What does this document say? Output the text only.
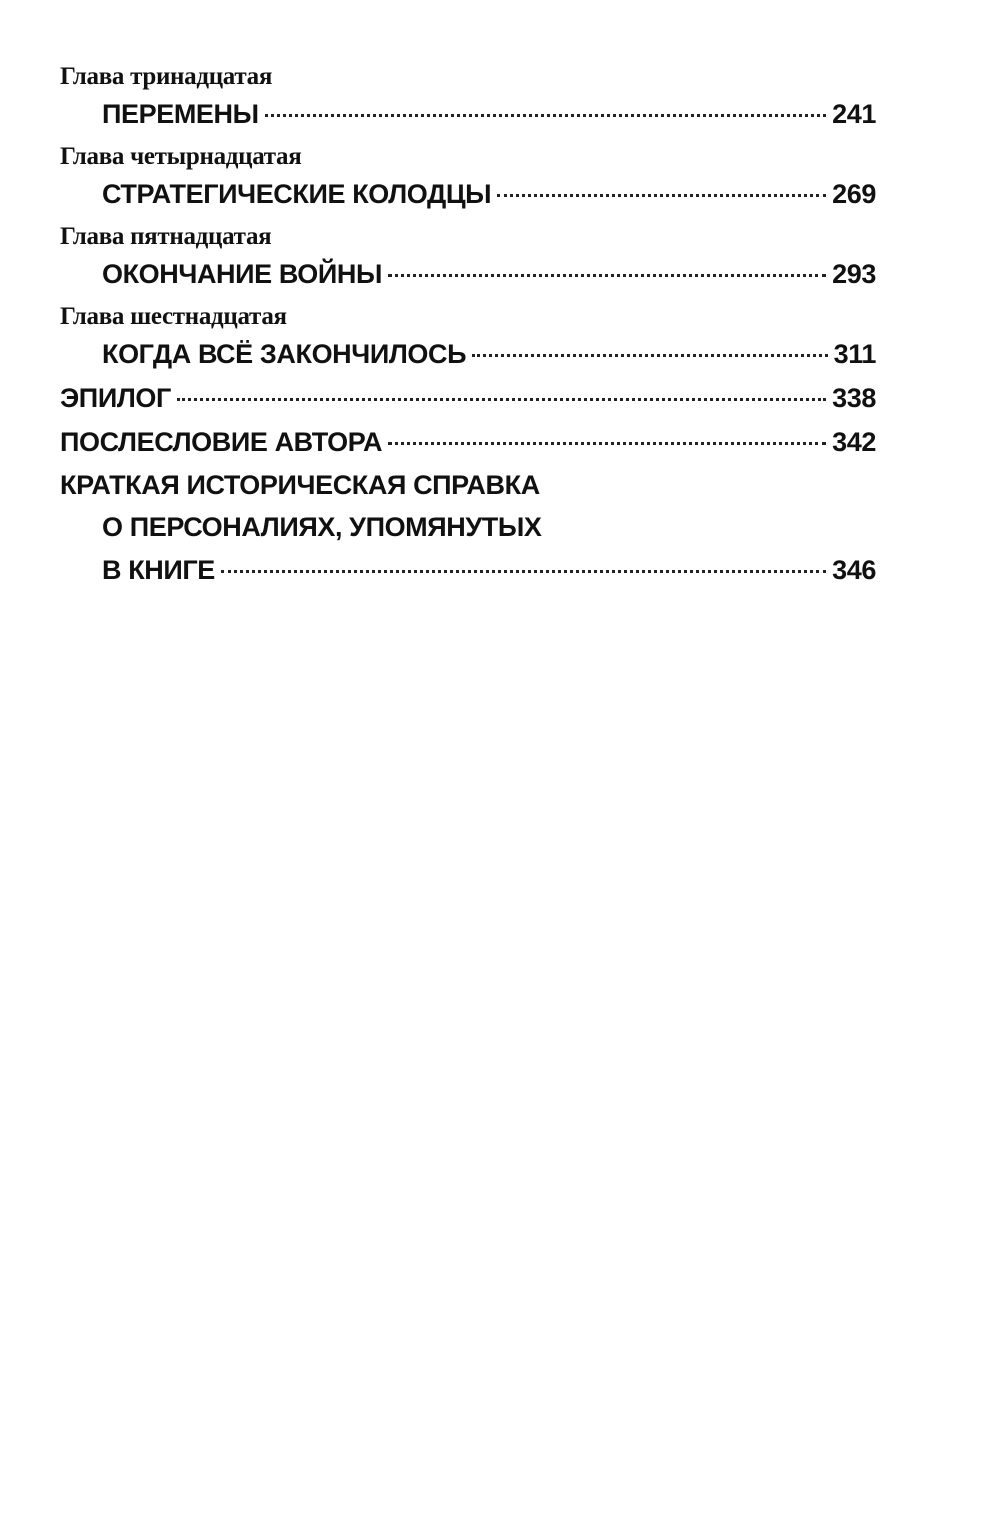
Глава тринадцатая
ПЕРЕМЕНЫ	241
Глава четырнадцатая
СТРАТЕГИЧЕСКИЕ КОЛОДЦЫ	269
Глава пятнадцатая
ОКОНЧАНИЕ ВОЙНЫ	293
Глава шестнадцатая
КОГДА ВСЁ ЗАКОНЧИЛОСЬ	311
ЭПИЛОГ	338
ПОСЛЕСЛОВИЕ АВТОРА	342
КРАТКАЯ ИСТОРИЧЕСКАЯ СПРАВКА
О ПЕРСОНАЛИЯХ, УПОМЯНУТЫХ
В КНИГЕ	346
